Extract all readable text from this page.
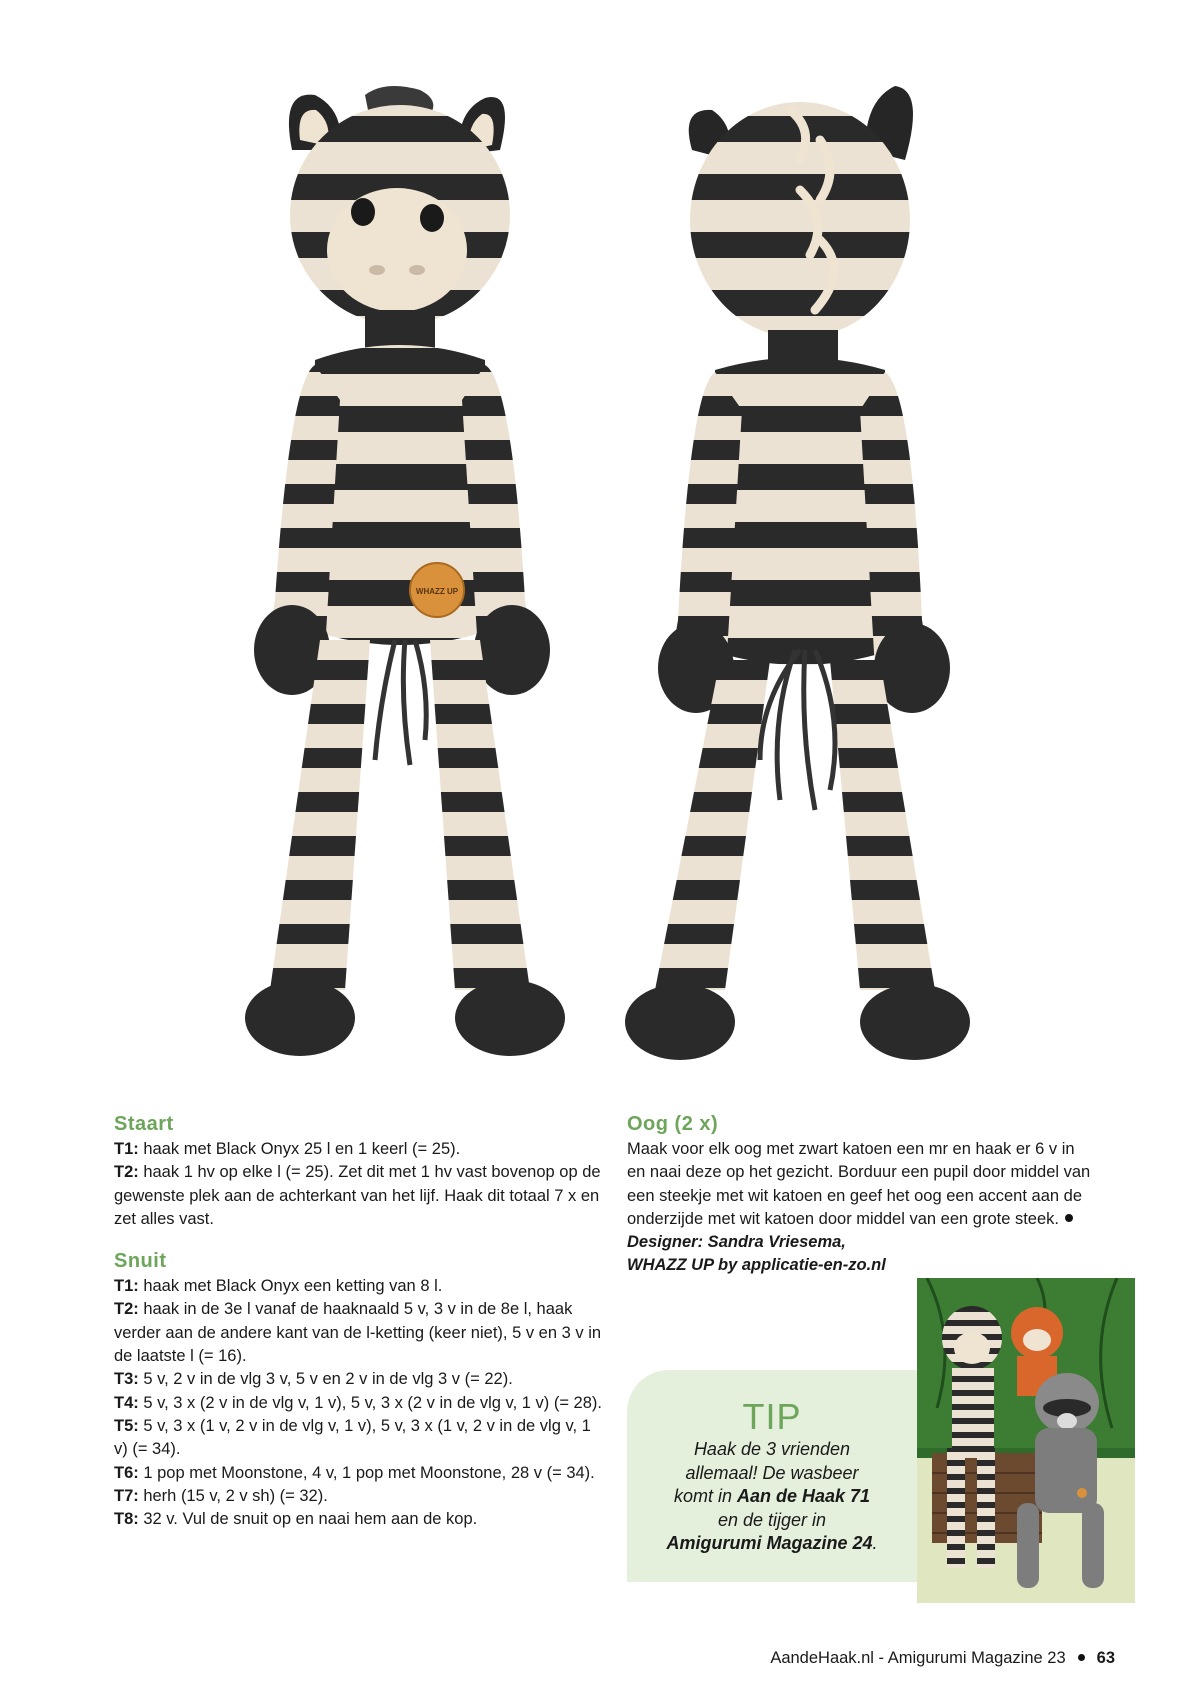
WHAZZ UP
Staart

T1: haak met Black Onyx 25 l en 1 keerl (= 25).

T2: haak 1 hv op elke l (= 25). Zet dit met 1 hv vast bovenop op de gewenste plek aan de achterkant van het lijf. Haak dit totaal 7 x en zet alles vast.

Snuit

T1: haak met Black Onyx een ketting van 8 l.

T2: haak in de 3e l vanaf de haaknaald 5 v, 3 v in de 8e l, haak verder aan de andere kant van de l-ketting (keer niet), 5 v en 3 v in de laatste l (= 16).

T3: 5 v, 2 v in de vlg 3 v, 5 v en 2 v in de vlg 3 v (= 22).

T4: 5 v, 3 x (2 v in de vlg v, 1 v), 5 v, 3 x (2 v in de vlg v, 1 v) (= 28).

T5: 5 v, 3 x (1 v, 2 v in de vlg v, 1 v), 5 v, 3 x (1 v, 2 v in de vlg v, 1 v) (= 34).

T6: 1 pop met Moonstone, 4 v, 1 pop met Moonstone, 28 v (= 34).

T7: herh (15 v, 2 v sh) (= 32).

T8: 32 v. Vul de snuit op en naai hem aan de kop.

Oog (2 x)

Maak voor elk oog met zwart katoen een mr en haak er 6 v in en naai deze op het gezicht. Borduur een pupil door middel van een steekje met wit katoen en geef het oog een accent aan de onderzijde met wit katoen door middel van een grote steek.

Designer: Sandra Vriesema,

WHAZZ UP by applicatie-en-zo.nl

TIP
Haak de 3 vrienden
allemaal! De wasbeer
komt in Aan de Haak 71
en de tijger in
Amigurumi Magazine 24.
AandeHaak.nl - Amigurumi Magazine 23 63
